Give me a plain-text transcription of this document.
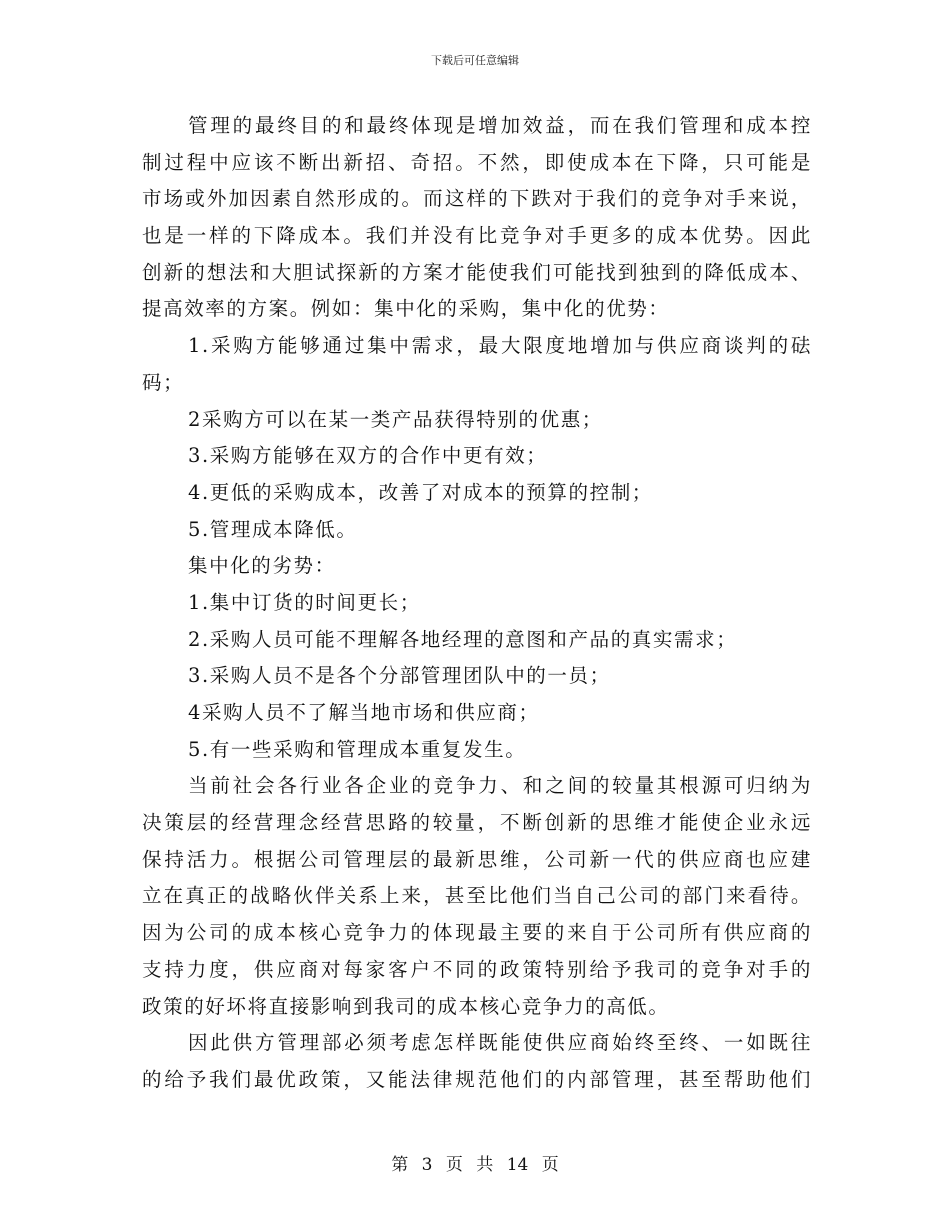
下载后可任意编辑
管理的最终目的和最终体现是增加效益，而在我们管理和成本控
制过程中应该不断出新招、奇招。不然，即使成本在下降，只可能是
市场或外加因素自然形成的。而这样的下跌对于我们的竞争对手来说，
也是一样的下降成本。我们并没有比竞争对手更多的成本优势。因此
创新的想法和大胆试探新的方案才能使我们可能找到独到的降低成本、
提高效率的方案。例如：集中化的采购，集中化的优势：
1.采购方能够通过集中需求，最大限度地增加与供应商谈判的砝
码；
2采购方可以在某一类产品获得特别的优惠；
3.采购方能够在双方的合作中更有效；
4.更低的采购成本，改善了对成本的预算的控制；
5.管理成本降低。
集中化的劣势：
1.集中订货的时间更长；
2.采购人员可能不理解各地经理的意图和产品的真实需求；
3.采购人员不是各个分部管理团队中的一员；
4采购人员不了解当地市场和供应商；
5.有一些采购和管理成本重复发生。
当前社会各行业各企业的竞争力、和之间的较量其根源可归纳为
决策层的经营理念经营思路的较量，不断创新的思维才能使企业永远
保持活力。根据公司管理层的最新思维，公司新一代的供应商也应建
立在真正的战略伙伴关系上来，甚至比他们当自己公司的部门来看待。
因为公司的成本核心竞争力的体现最主要的来自于公司所有供应商的
支持力度，供应商对每家客户不同的政策特别给予我司的竞争对手的
政策的好坏将直接影响到我司的成本核心竞争力的高低。
因此供方管理部必须考虑怎样既能使供应商始终至终、一如既往
的给予我们最优政策，又能法律规范他们的内部管理，甚至帮助他们
第 3 页 共 14 页
